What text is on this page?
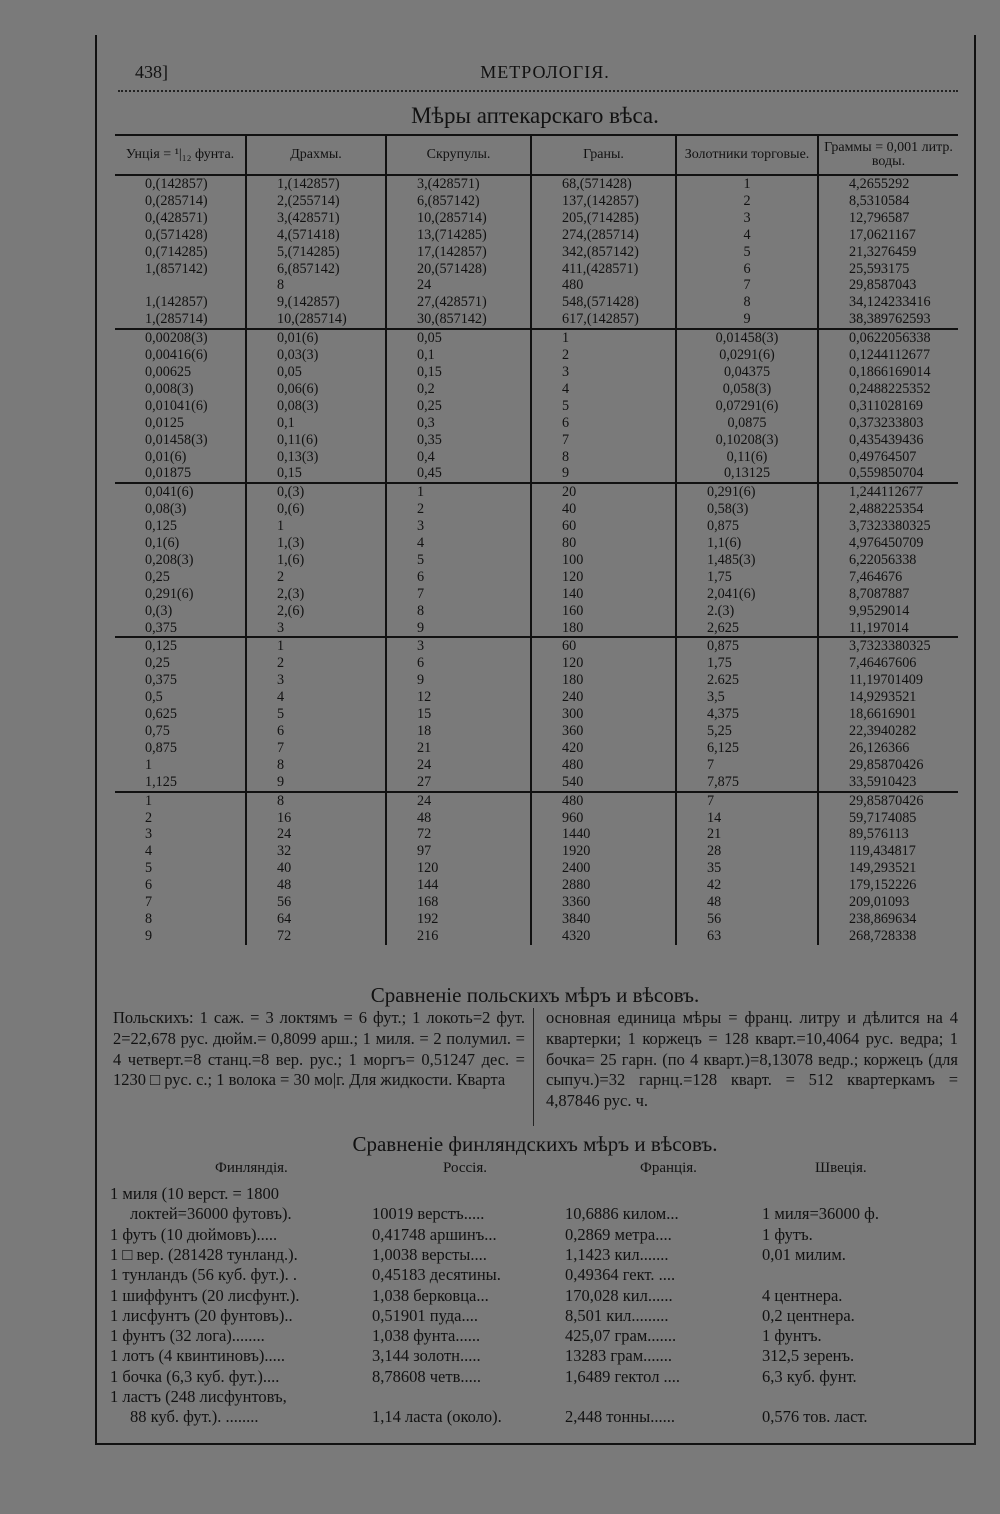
438]	МЕТРОЛОГІЯ.
Мѣры аптекарскаго вѣса.
Унція = ¹|₁₂ фунта.	Драхмы.	Скрупулы.	Граны.	Золотники торговые.	Граммы = 0,001 литр. воды.
0,(142857)	1,(142857)	3,(428571)	68,(571428)	1	4,2655292
0,(285714)	2,(255714)	6,(857142)	137,(142857)	2	8,5310584
0,(428571)	3,(428571)	10,(285714)	205,(714285)	3	12,796587
0,(571428)	4,(571418)	13,(714285)	274,(285714)	4	17,0621167
0,(714285)	5,(714285)	17,(142857)	342,(857142)	5	21,3276459
1,(857142)	6,(857142)	20,(571428)	411,(428571)	6	25,593175
	8	24	480	7	29,8587043
1,(142857)	9,(142857)	27,(428571)	548,(571428)	8	34,124233416
1,(285714)	10,(285714)	30,(857142)	617,(142857)	9	38,389762593
0,00208(3)	0,01(6)	0,05	1	0,01458(3)	0,0622056338
0,00416(6)	0,03(3)	0,1	2	0,0291(6)	0,1244112677
0,00625	0,05	0,15	3	0,04375	0,1866169014
0,008(3)	0,06(6)	0,2	4	0,058(3)	0,2488225352
0,01041(6)	0,08(3)	0,25	5	0,07291(6)	0,311028169
0,0125	0,1	0,3	6	0,0875	0,373233803
0,01458(3)	0,11(6)	0,35	7	0,10208(3)	0,435439436
0,01(6)	0,13(3)	0,4	8	0,11(6)	0,49764507
0,01875	0,15	0,45	9	0,13125	0,559850704
0,041(6)	0,(3)	1	20	0,291(6)	1,244112677
0,08(3)	0,(6)	2	40	0,58(3)	2,488225354
0,125	1	3	60	0,875	3,7323380325
0,1(6)	1,(3)	4	80	1,1(6)	4,976450709
0,208(3)	1,(6)	5	100	1,485(3)	6,22056338
0,25	2	6	120	1,75	7,464676
0,291(6)	2,(3)	7	140	2,041(6)	8,7087887
0,(3)	2,(6)	8	160	2.(3)	9,9529014
0,375	3	9	180	2,625	11,197014
0,125	1	3	60	0,875	3,7323380325
0,25	2	6	120	1,75	7,46467606
0,375	3	9	180	2.625	11,19701409
0,5	4	12	240	3,5	14,9293521
0,625	5	15	300	4,375	18,6616901
0,75	6	18	360	5,25	22,3940282
0,875	7	21	420	6,125	26,126366
1	8	24	480	7	29,85870426
1,125	9	27	540	7,875	33,5910423
1	8	24	480	7	29,85870426
2	16	48	960	14	59,7174085
3	24	72	1440	21	89,576113
4	32	97	1920	28	119,434817
5	40	120	2400	35	149,293521
6	48	144	2880	42	179,152226
7	56	168	3360	48	209,01093
8	64	192	3840	56	238,869634
9	72	216	4320	63	268,728338
Сравненіе польскихъ мѣръ и вѣсовъ.
Польскихъ: 1 саж. = 3 локтямъ = 6 фут.; 1 локоть=2 фут. 2=22,678 рус. дюйм.= 0,8099 арш.; 1 миля. = 2 полумил. = 4 четверт.=8 станц.=8 вер. рус.; 1 моргъ= 0,51247 дес. = 1230 □ рус. с.; 1 волока = 30 мо|г. Для жидкости. Кварта
основная единица мѣры = франц. литру и дѣлится на 4 квартерки; 1 коржецъ = 128 кварт.=10,4064 рус. ведра; 1 бочка= 25 гарн. (по 4 кварт.)=8,13078 ведр.; коржецъ (для сыпуч.)=32 гарнц.=128 кварт. = 512 квартеркамъ = 4,87846 рус. ч.
Сравненіе финляндскихъ мѣръ и вѣсовъ.
Финляндія.	Россія.	Франція.	Швеція.
1 миля (10 верст. = 1800
локтей=36000 футовъ).	10019 верстъ.....	10,6886 килом...	1 миля=36000 ф.
1 футъ (10 дюймовъ).....	0,41748 аршинъ...	0,2869 метра....	1 футъ.
1 □ вер. (281428 тунланд.).	1,0038 версты....	1,1423 кил.......	0,01 милим.
1 тунландъ (56 куб. фут.). .	0,45183 десятины.	0,49364 гект. ....
1 шиффунтъ (20 лисфунт.).	1,038 берковца...	170,028 кил......	4 центнера.
1 лисфунтъ (20 фунтовъ)..	0,51901 пуда....	8,501 кил.........	0,2 центнера.
1 фунтъ (32 лога)........	1,038 фунта......	425,07 грам.......	1 фунтъ.
1 лотъ (4 квинтиновъ).....	3,144 золотн.....	13283 грам.......	312,5 зеренъ.
1 бочка (6,3 куб. фут.)....	8,78608 четв.....	1,6489 гектол ....	6,3 куб. фунт.
1 ластъ (248 лисфунтовъ,
88 куб. фут.). ........	1,14 ласта (около).	2,448 тонны......	0,576 тов. ласт.
